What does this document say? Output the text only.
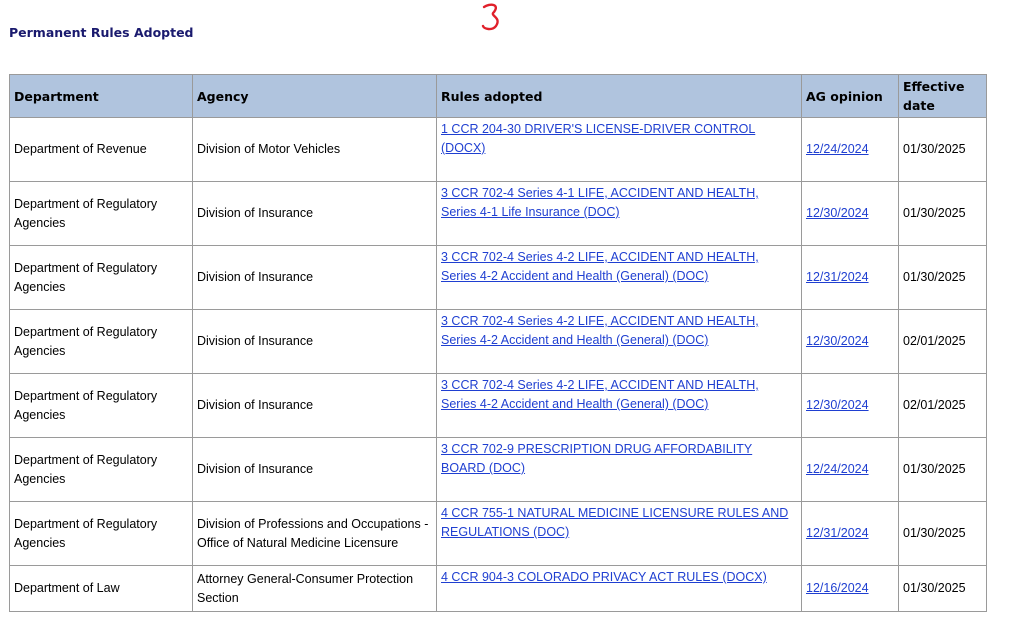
Permanent Rules Adopted
Department	Agency	Rules adopted	AG opinion	Effective date
Department of Revenue	Division of Motor Vehicles	1 CCR 204-30 DRIVER'S LICENSE-DRIVER CONTROL (DOCX)	12/24/2024	01/30/2025
Department of Regulatory Agencies	Division of Insurance	3 CCR 702-4 Series 4-1 LIFE, ACCIDENT AND HEALTH, Series 4-1 Life Insurance (DOC)	12/30/2024	01/30/2025
Department of Regulatory Agencies	Division of Insurance	3 CCR 702-4 Series 4-2 LIFE, ACCIDENT AND HEALTH, Series 4-2 Accident and Health (General) (DOC)	12/31/2024	01/30/2025
Department of Regulatory Agencies	Division of Insurance	3 CCR 702-4 Series 4-2 LIFE, ACCIDENT AND HEALTH, Series 4-2 Accident and Health (General) (DOC)	12/30/2024	02/01/2025
Department of Regulatory Agencies	Division of Insurance	3 CCR 702-4 Series 4-2 LIFE, ACCIDENT AND HEALTH, Series 4-2 Accident and Health (General) (DOC)	12/30/2024	02/01/2025
Department of Regulatory Agencies	Division of Insurance	3 CCR 702-9 PRESCRIPTION DRUG AFFORDABILITY BOARD (DOC)	12/24/2024	01/30/2025
Department of Regulatory Agencies	Division of Professions and Occupations - Office of Natural Medicine Licensure	4 CCR 755-1 NATURAL MEDICINE LICENSURE RULES AND REGULATIONS (DOC)	12/31/2024	01/30/2025
Department of Law	Attorney General-Consumer Protection Section	4 CCR 904-3 COLORADO PRIVACY ACT RULES (DOCX)	12/16/2024	01/30/2025
